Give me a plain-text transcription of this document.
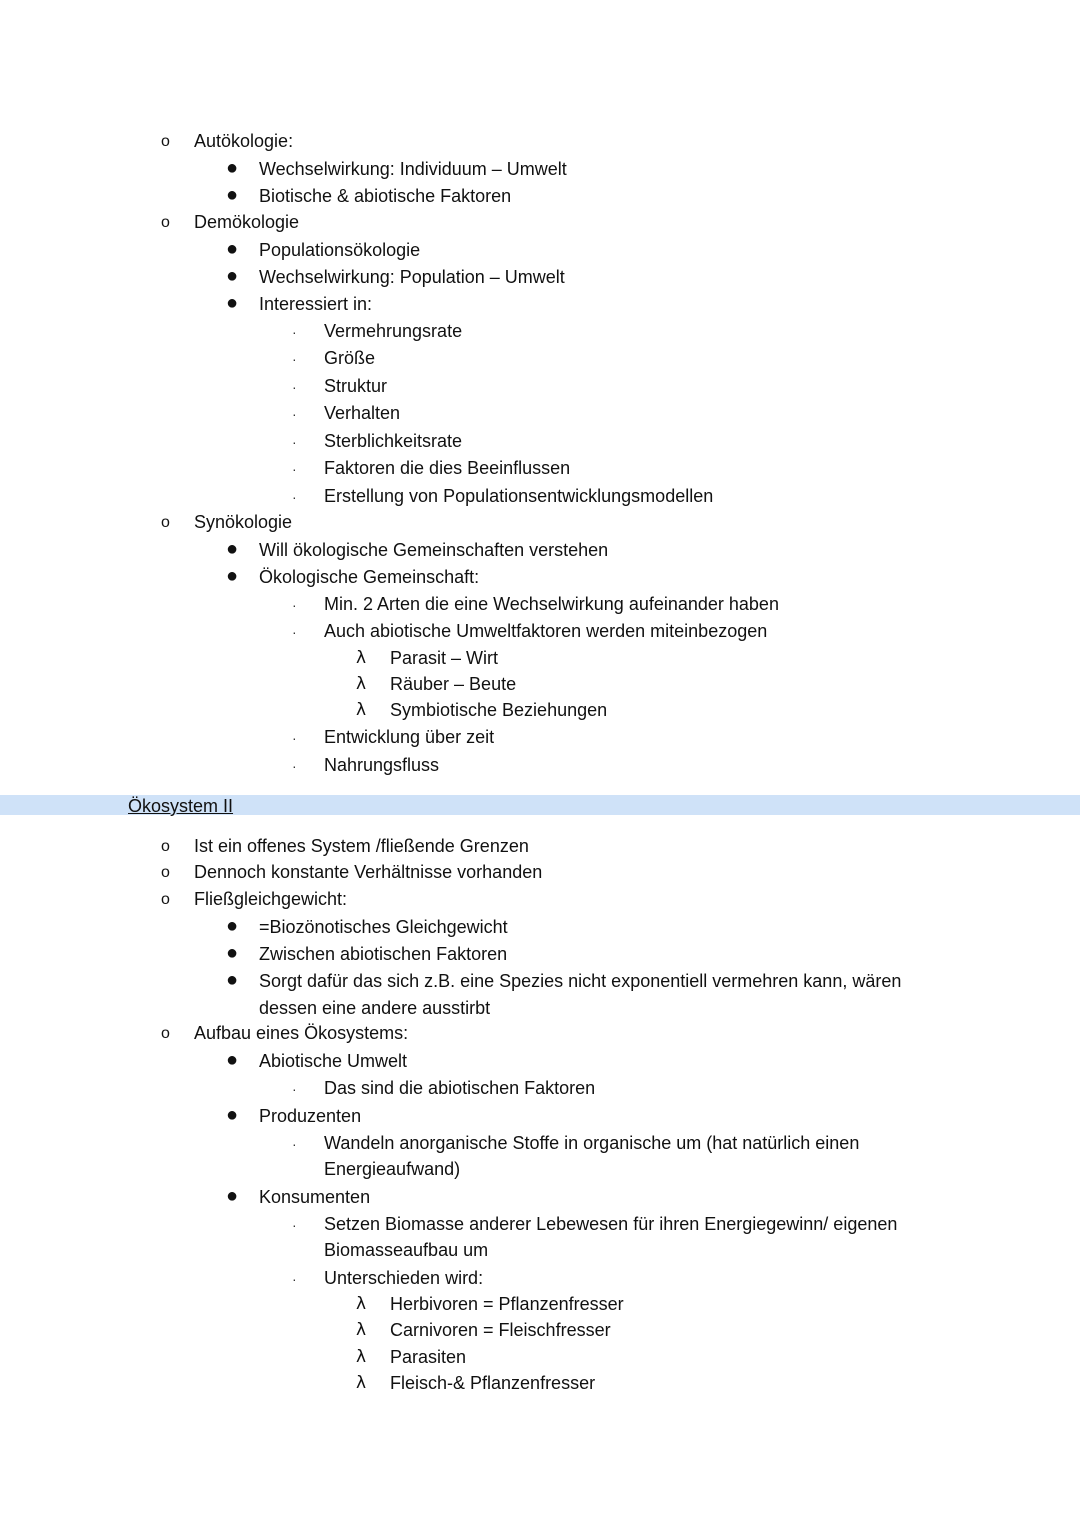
o Autökologie:
● Wechselwirkung: Individuum – Umwelt
● Biotische & abiotische Faktoren
o Demökologie
● Populationsökologie
● Wechselwirkung: Population – Umwelt
● Interessiert in:
· Vermehrungsrate
· Größe
· Struktur
· Verhalten
· Sterblichkeitsrate
· Faktoren die dies Beeinflussen
· Erstellung von Populationsentwicklungsmodellen
o Synökologie
● Will ökologische Gemeinschaften verstehen
● Ökologische Gemeinschaft:
· Min. 2 Arten die eine Wechselwirkung aufeinander haben
· Auch abiotische Umweltfaktoren werden miteinbezogen
λ Parasit – Wirt
λ Räuber – Beute
λ Symbiotische Beziehungen
· Entwicklung über zeit
· Nahrungsfluss
Ökosystem II
o Ist ein offenes System /fließende Grenzen
o Dennoch konstante Verhältnisse vorhanden
o Fließgleichgewicht:
● =Biozönotisches Gleichgewicht
● Zwischen abiotischen Faktoren
● Sorgt dafür das sich z.B. eine Spezies nicht exponentiell vermehren kann, wären
dessen eine andere ausstirbt
o Aufbau eines Ökosystems:
● Abiotische Umwelt
· Das sind die abiotischen Faktoren
● Produzenten
· Wandeln anorganische Stoffe in organische um (hat natürlich einen
Energieaufwand)
● Konsumenten
· Setzen Biomasse anderer Lebewesen für ihren Energiegewinn/ eigenen
Biomasseaufbau um
· Unterschieden wird:
λ Herbivoren = Pflanzenfresser
λ Carnivoren = Fleischfresser
λ Parasiten
λ Fleisch-& Pflanzenfresser
